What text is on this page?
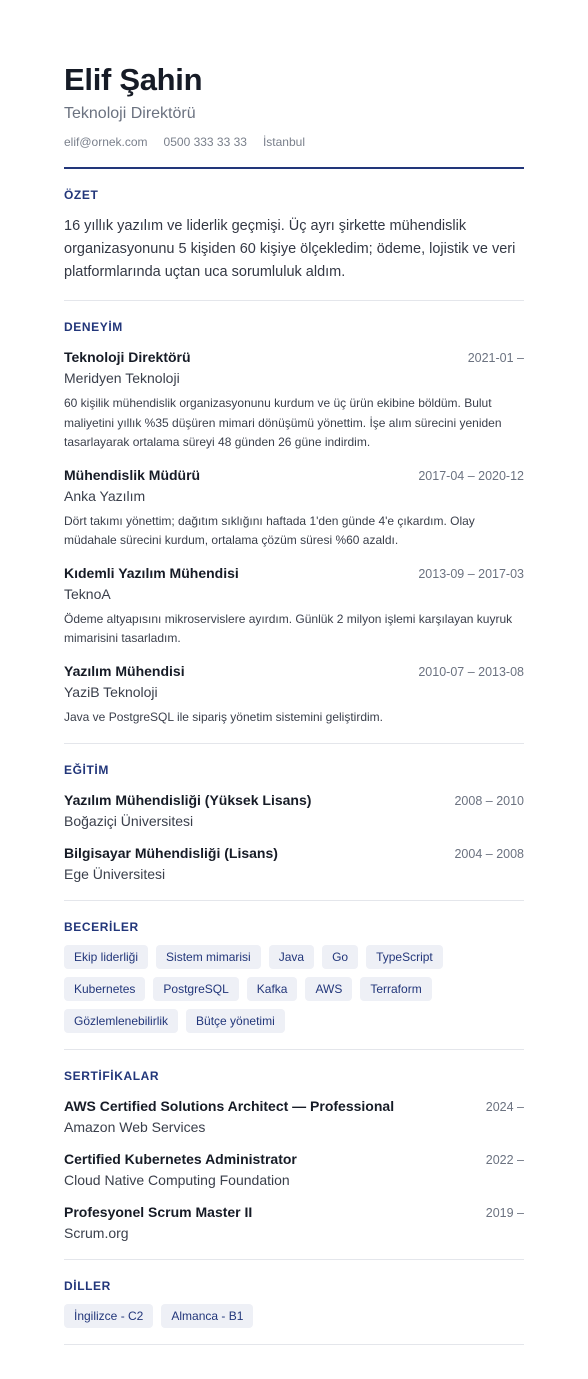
Elif Şahin
Teknoloji Direktörü
elif@ornek.com 0500 333 33 33 İstanbul
ÖZET

16 yıllık yazılım ve liderlik geçmişi. Üç ayrı şirkette mühendislik organizasyonunu 5 kişiden 60 kişiye ölçekledim; ödeme, lojistik ve veri platformlarında uçtan uca sorumluluk aldım.

DENEYİM
Teknoloji Direktörü	2021-01 –
Meridyen Teknoloji

60 kişilik mühendislik organizasyonunu kurdum ve üç ürün ekibine böldüm. Bulut maliyetini yıllık %35 düşüren mimari dönüşümü yönettim. İşe alım sürecini yeniden tasarlayarak ortalama süreyi 48 günden 26 güne indirdim.

Mühendislik Müdürü	2017-04 – 2020-12
Anka Yazılım

Dört takımı yönettim; dağıtım sıklığını haftada 1'den günde 4'e çıkardım. Olay müdahale sürecini kurdum, ortalama çözüm süresi %60 azaldı.

Kıdemli Yazılım Mühendisi	2013-09 – 2017-03
TeknoA

Ödeme altyapısını mikroservislere ayırdım. Günlük 2 milyon işlemi karşılayan kuyruk mimarisini tasarladım.

Yazılım Mühendisi	2010-07 – 2013-08
YaziB Teknoloji

Java ve PostgreSQL ile sipariş yönetim sistemini geliştirdim.

EĞİTİM
Yazılım Mühendisliği (Yüksek Lisans)	2008 – 2010
Boğaziçi Üniversitesi
Bilgisayar Mühendisliği (Lisans)	2004 – 2008
Ege Üniversitesi
BECERİLER
Ekip liderliği	Sistem mimarisi	Java	Go	TypeScript
Kubernetes	PostgreSQL	Kafka	AWS	Terraform
Gözlemlenebilirlik	Bütçe yönetimi
SERTİFİKALAR
AWS Certified Solutions Architect — Professional	2024 –
Amazon Web Services
Certified Kubernetes Administrator	2022 –
Cloud Native Computing Foundation
Profesyonel Scrum Master II	2019 –
Scrum.org
DİLLER
İngilizce - C2	Almanca - B1
